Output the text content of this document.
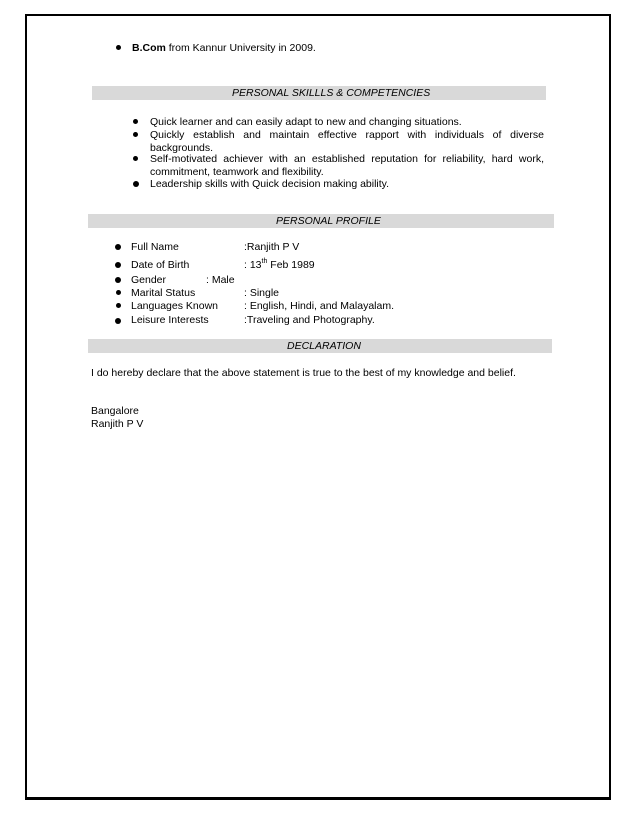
B.Com from Kannur University in 2009.
PERSONAL SKILLLS & COMPETENCIES
Quick learner and can easily adapt to new and changing situations.
Quickly establish and maintain effective rapport with individuals of diverse
backgrounds.
Self-motivated achiever with an established reputation for reliability, hard work,
commitment, teamwork and flexibility.
Leadership skills with Quick decision making ability.
PERSONAL PROFILE
Full Name	:Ranjith P V
Date of Birth	: 13th Feb 1989
Gender	: Male
Marital Status	: Single
Languages Known : English, Hindi, and Malayalam.
Leisure Interests	:Traveling and Photography.
DECLARATION
I do hereby declare that the above statement is true to the best of my knowledge and belief.
Bangalore
Ranjith P V
